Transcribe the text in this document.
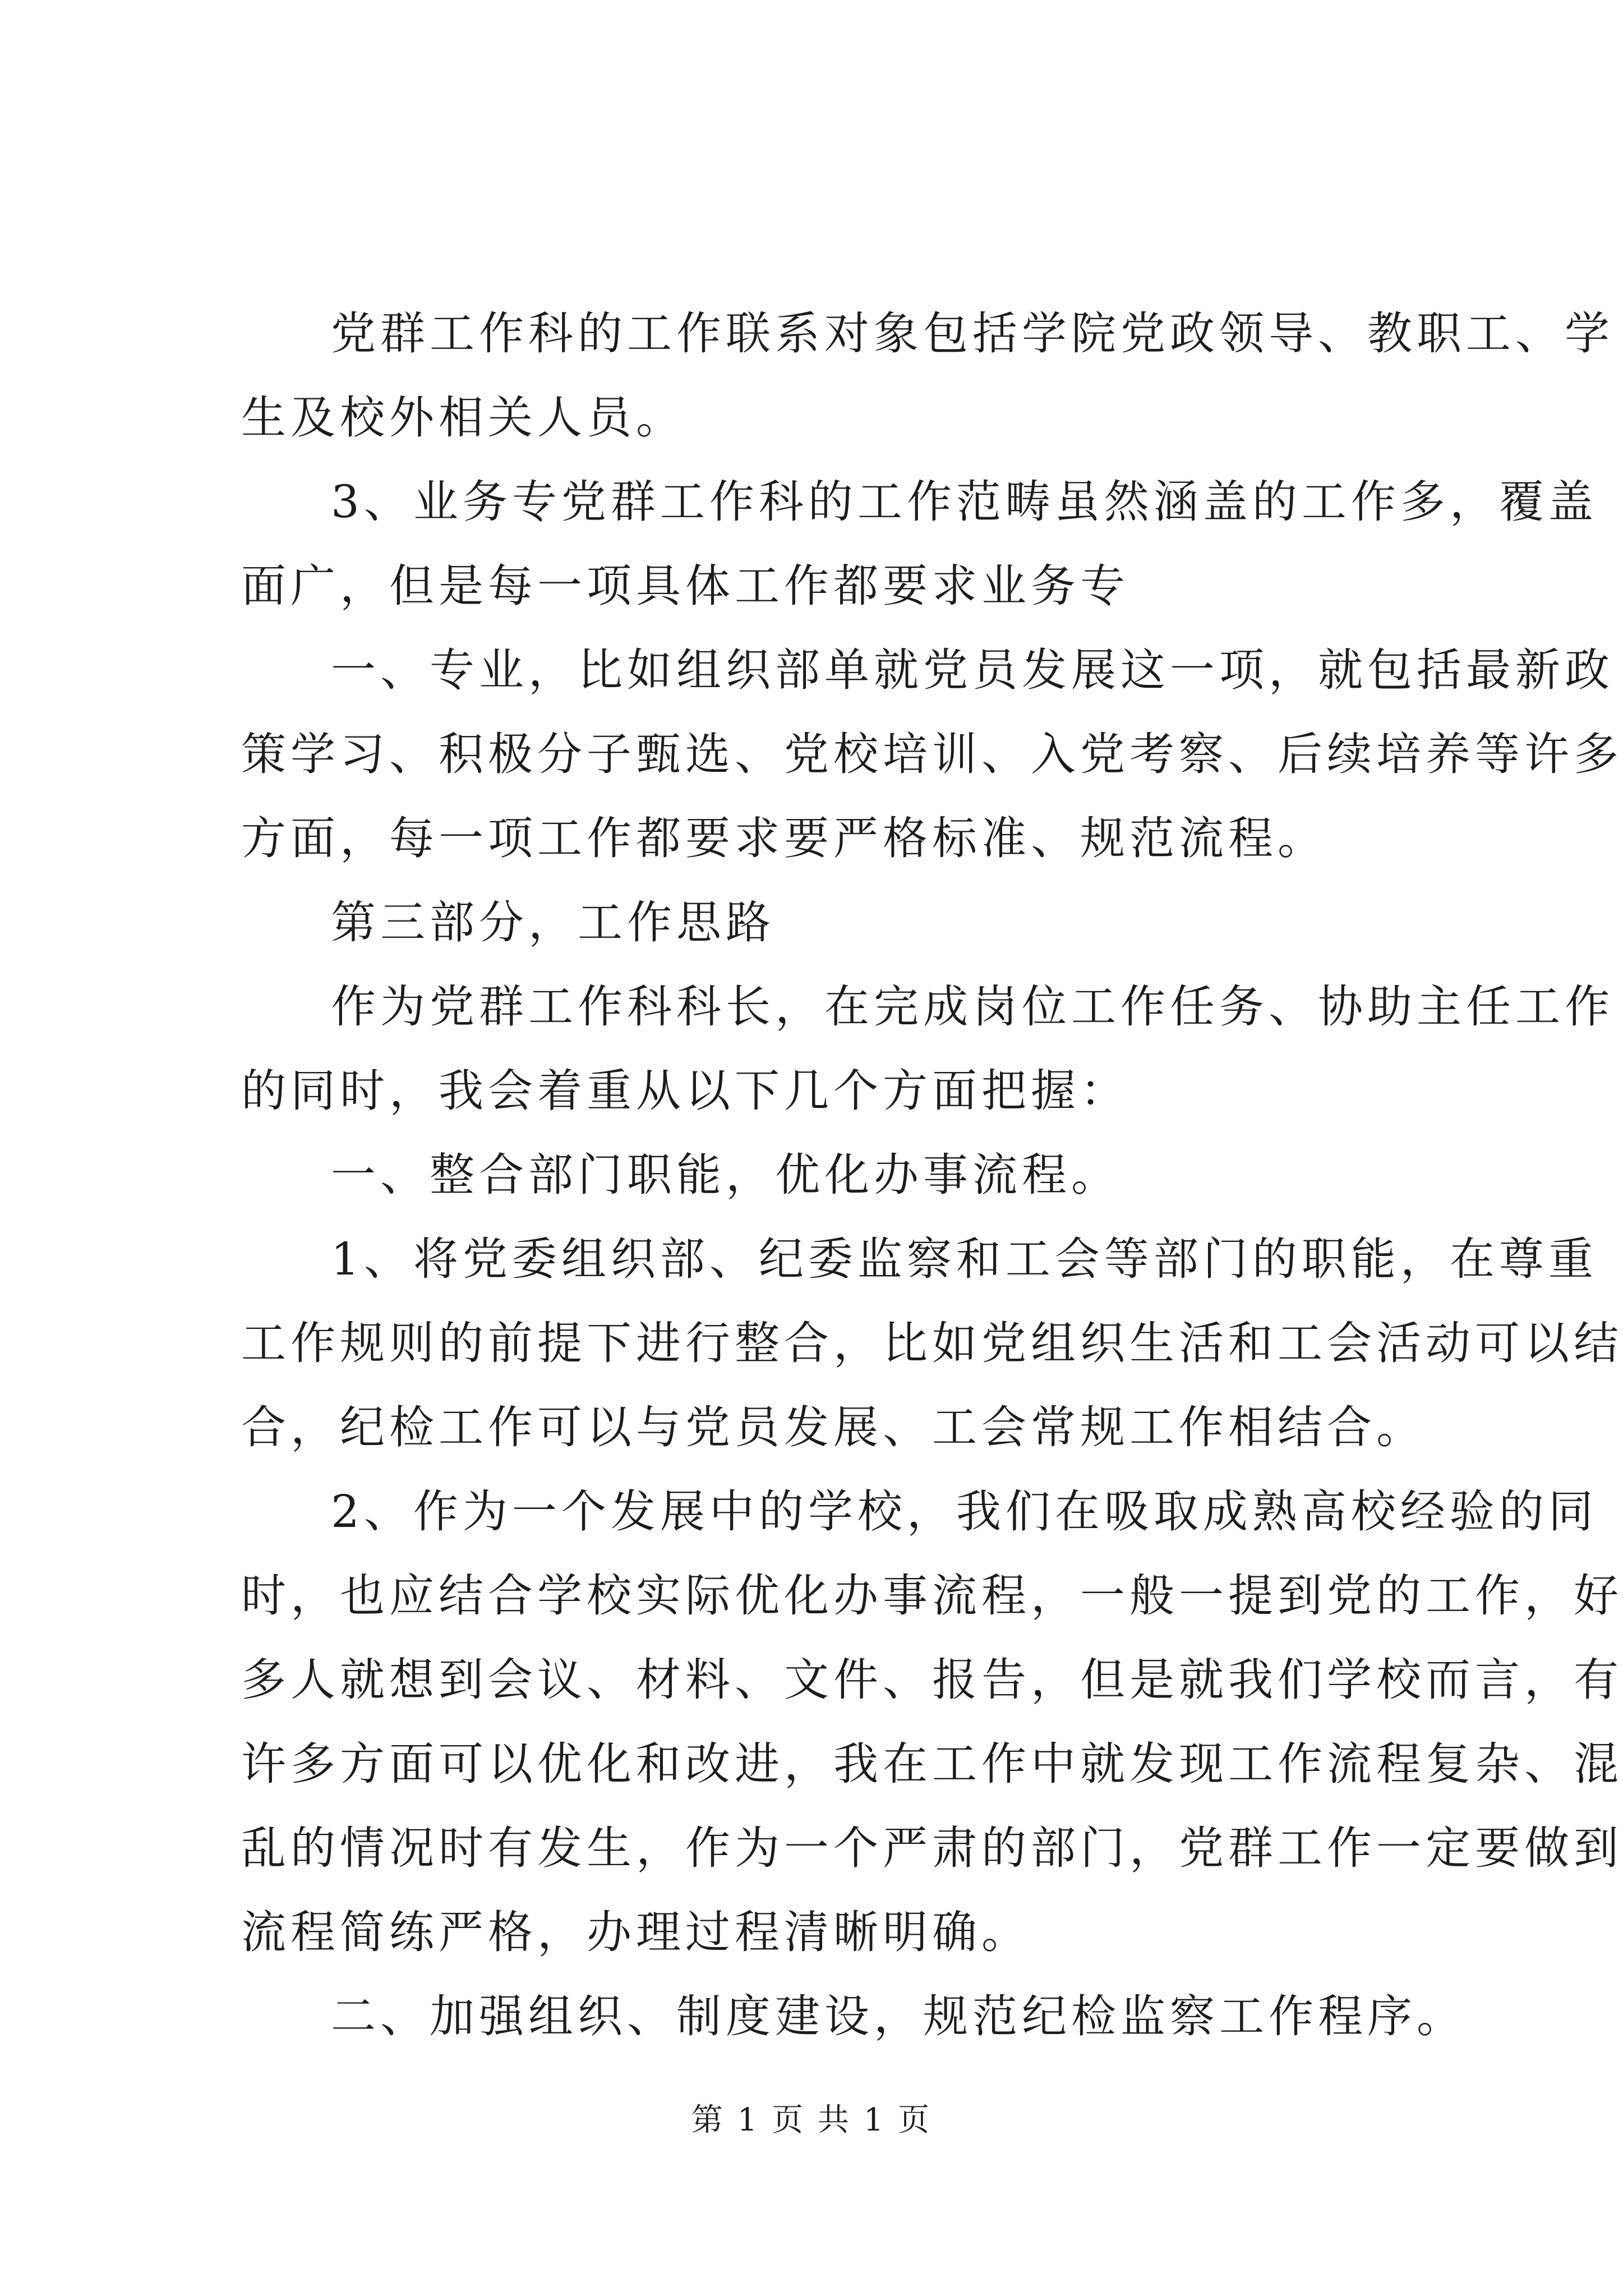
党群工作科的工作联系对象包括学院党政领导、教职工、学
生及校外相关人员。
3、业务专党群工作科的工作范畴虽然涵盖的工作多，覆盖
面广，但是每一项具体工作都要求业务专
一、专业，比如组织部单就党员发展这一项，就包括最新政
策学习、积极分子甄选、党校培训、入党考察、后续培养等许多
方面，每一项工作都要求要严格标准、规范流程。
第三部分，工作思路
作为党群工作科科长，在完成岗位工作任务、协助主任工作
的同时，我会着重从以下几个方面把握：
一、整合部门职能，优化办事流程。
1、将党委组织部、纪委监察和工会等部门的职能，在尊重
工作规则的前提下进行整合，比如党组织生活和工会活动可以结
合，纪检工作可以与党员发展、工会常规工作相结合。
2、作为一个发展中的学校，我们在吸取成熟高校经验的同
时，也应结合学校实际优化办事流程，一般一提到党的工作，好
多人就想到会议、材料、文件、报告，但是就我们学校而言，有
许多方面可以优化和改进，我在工作中就发现工作流程复杂、混
乱的情况时有发生，作为一个严肃的部门，党群工作一定要做到
流程简练严格，办理过程清晰明确。
二、加强组织、制度建设，规范纪检监察工作程序。
第 1 页 共 1 页
